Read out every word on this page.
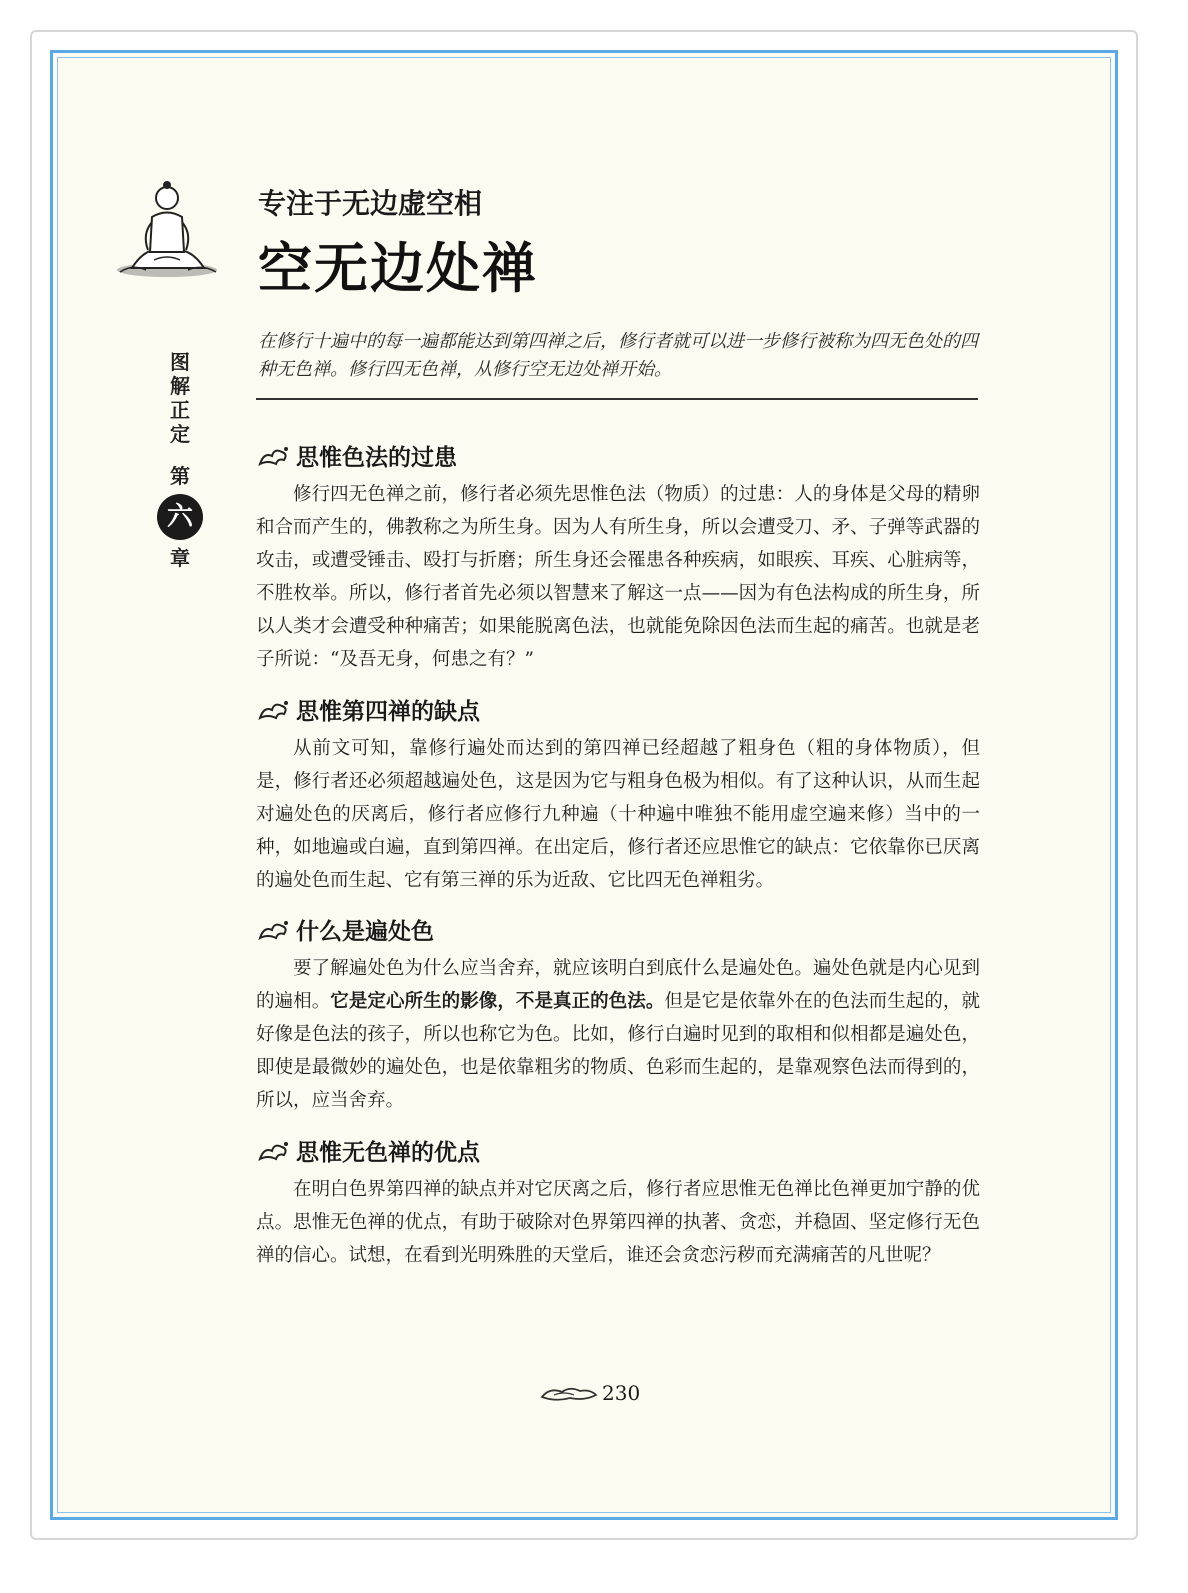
图
解
正
定
第
六
章
专注于无边虚空相
空无边处禅
在修行十遍中的每一遍都能达到第四禅之后，修行者就可以进一步修行被称为四无色处的四种无色禅。修行四无色禅，从修行空无边处禅开始。
思惟色法的过患
修行四无色禅之前，修行者必须先思惟色法（物质）的过患：人的身体是父母的精卵和合而产生的，佛教称之为所生身。因为人有所生身，所以会遭受刀、矛、子弹等武器的攻击，或遭受锤击、殴打与折磨；所生身还会罹患各种疾病，如眼疾、耳疾、心脏病等，不胜枚举。所以，修行者首先必须以智慧来了解这一点——因为有色法构成的所生身，所以人类才会遭受种种痛苦；如果能脱离色法，也就能免除因色法而生起的痛苦。也就是老子所说：“及吾无身，何患之有？”
思惟第四禅的缺点
从前文可知，靠修行遍处而达到的第四禅已经超越了粗身色（粗的身体物质），但是，修行者还必须超越遍处色，这是因为它与粗身色极为相似。有了这种认识，从而生起对遍处色的厌离后，修行者应修行九种遍（十种遍中唯独不能用虚空遍来修）当中的一种，如地遍或白遍，直到第四禅。在出定后，修行者还应思惟它的缺点：它依靠你已厌离的遍处色而生起、它有第三禅的乐为近敌、它比四无色禅粗劣。
什么是遍处色
要了解遍处色为什么应当舍弃，就应该明白到底什么是遍处色。遍处色就是内心见到的遍相。它是定心所生的影像，不是真正的色法。但是它是依靠外在的色法而生起的，就好像是色法的孩子，所以也称它为色。比如，修行白遍时见到的取相和似相都是遍处色，即使是最微妙的遍处色，也是依靠粗劣的物质、色彩而生起的，是靠观察色法而得到的，所以，应当舍弃。
思惟无色禅的优点
在明白色界第四禅的缺点并对它厌离之后，修行者应思惟无色禅比色禅更加宁静的优点。思惟无色禅的优点，有助于破除对色界第四禅的执著、贪恋，并稳固、坚定修行无色禅的信心。试想，在看到光明殊胜的天堂后，谁还会贪恋污秽而充满痛苦的凡世呢？
230
